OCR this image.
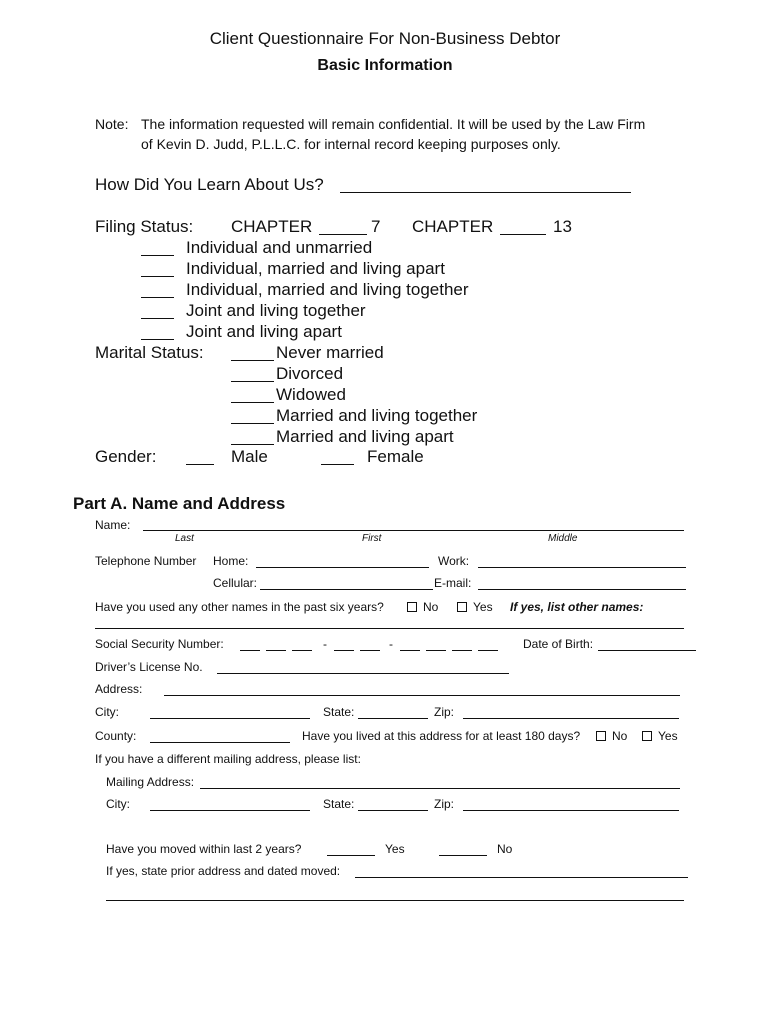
Client Questionnaire For Non-Business Debtor
Basic Information
Note: The information requested will remain confidential. It will be used by the Law Firm
of Kevin D. Judd, P.L.L.C. for internal record keeping purposes only.
How Did You Learn About Us?
Filing Status: CHAPTER	7 CHAPTER	13
Individual and unmarried
Individual, married and living apart
Individual, married and living together
Joint and living together
Joint and living apart
Marital Status:	Never married
Divorced
Widowed
Married and living together
Married and living apart
Gender:	Male	Female
Part A. Name and Address
Name:
Last	First	Middle
Telephone Number Home:	Work:
Cellular:	E-mail:
Have you used any other names in the past six years?	No	Yes If yes, list other names:
Social Security Number:	-	-	Date of Birth:
Driver’s License No.
Address:
City:	State:	Zip:
County:	Have you lived at this address for at least 180 days?	No	Yes
If you have a different mailing address, please list:
Mailing Address:
City:	State:	Zip:
Have you moved within last 2 years?	Yes	No
If yes, state prior address and dated moved:
